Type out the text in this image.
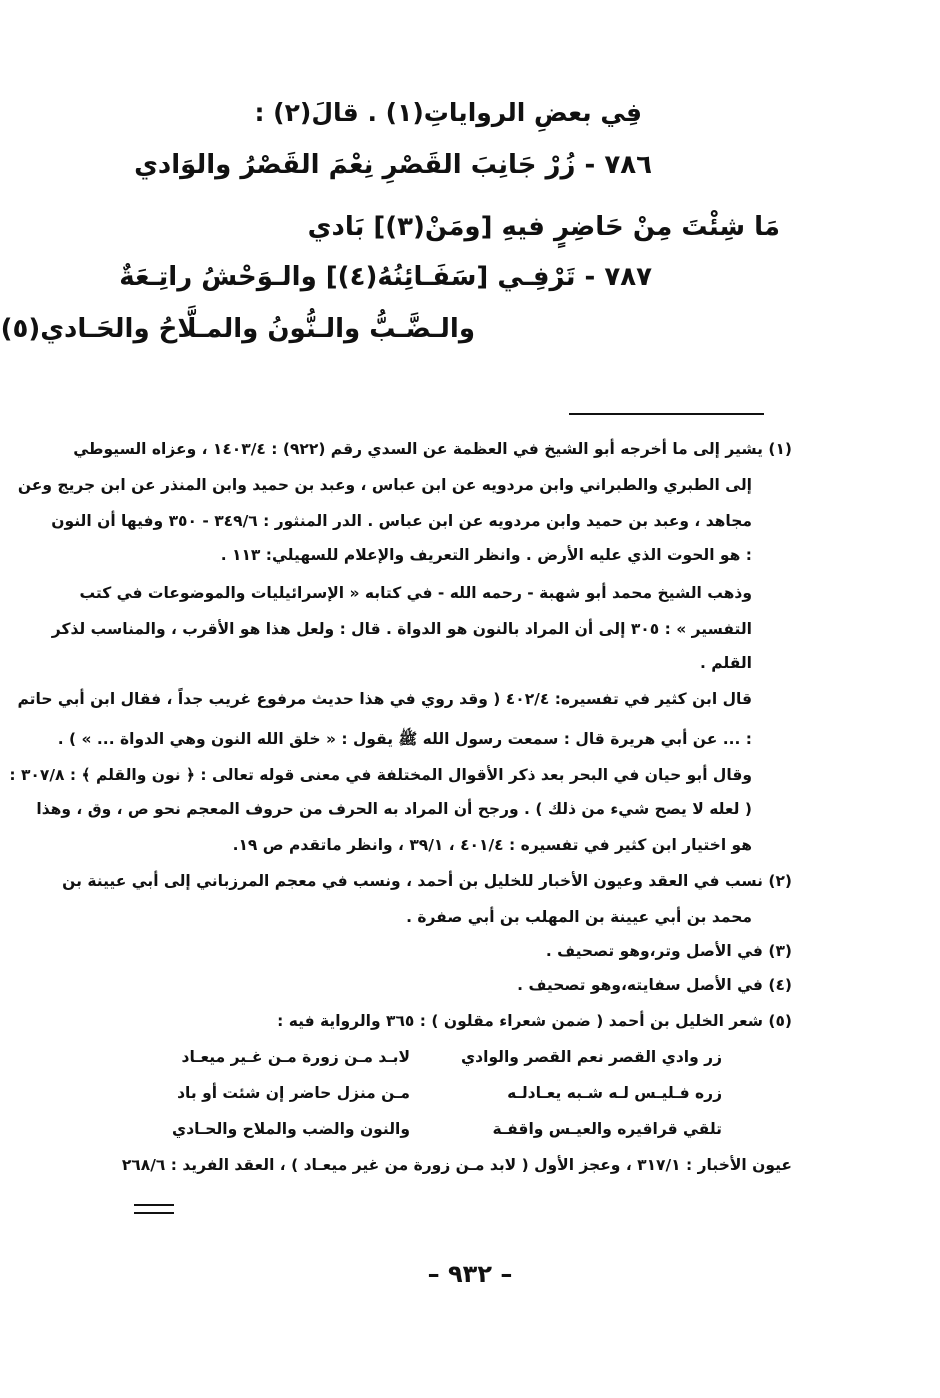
فِي بعضِ الرواياتِ(١) . قالَ(٢) :
٧٨٦ - زُرْ جَانِبَ القَصْرِ نِعْمَ القَصْرُ والوَادي
مَا شِئْتَ مِنْ حَاضِرٍ فيهِ [ومَنْ(٣)] بَادي
٧٨٧ - تَرْفِـي [سَفَـائِنُهُ(٤)] والـوَحْشُ راتِـعَةٌ
والـضَّـبُّ والـنُّونُ والمـلَّاحُ والحَـادي(٥)
(١) يشير إلى ما أخرجه أبو الشيخ في العظمة عن السدي رقم (٩٢٢) : ١٤٠٣/٤ ، وعزاه السيوطي
إلى الطبري والطبراني وابن مردويه عن ابن عباس ، وعبد بن حميد وابن المنذر عن ابن جريج وعن
مجاهد ، وعبد بن حميد وابن مردويه عن ابن عباس . الدر المنثور : ٣٤٩/٦ - ٣٥٠ وفيها أن النون
: هو الحوت الذي عليه الأرض . وانظر التعريف والإعلام للسهيلي: ١١٣ .
وذهب الشيخ محمد أبو شهبة - رحمه الله - في كتابه « الإسرائيليات والموضوعات في كتب
التفسير » : ٣٠٥ إلى أن المراد بالنون هو الدواة . قال : ولعل هذا هو الأقرب ، والمناسب لذكر
القلم .
قال ابن كثير في تفسيره: ٤٠٢/٤ ( وقد روي في هذا حديث مرفوع غريب جداً ، فقال ابن أبي حاتم
: ... عن أبي هريرة قال : سمعت رسول الله ﷺ يقول : « خلق الله النون وهي الدواة ... » ) .
وقال أبو حيان في البحر بعد ذكر الأقوال المختلفة في معنى قوله تعالى : ﴿ نون والقلم ﴾ : ٣٠٧/٨ :
( لعله لا يصح شيء من ذلك ) . ورجح أن المراد به الحرف من حروف المعجم نحو ص ، وق ، وهذا
هو اختيار ابن كثير في تفسيره : ٤٠١/٤ ، ٣٩/١ ، وانظر ماتقدم ص ١٩.
(٢) نسب في العقد وعيون الأخبار للخليل بن أحمد ، ونسب في معجم المرزباني إلى أبي عيينة بن
محمد بن أبي عيينة بن المهلب بن أبي صفرة .
(٣) في الأصل وتر،وهو تصحيف .
(٤) في الأصل سفايته،وهو تصحيف .
(٥) شعر الخليل بن أحمد ( ضمن شعراء مقلون ) : ٣٦٥ والرواية فيه :
زر وادي القصر نعم القصر والوادي
لابـد مـن زورة مـن غـير ميعـاد
زره فـليـس لـه شـبه يعـادلـه
مـن منزل حاضر إن شئت أو باد
تلقي قراقيره والعيـس واقفـة
والنون والضب والملاح والحـادي
عيون الأخبار : ٣١٧/١ ، وعجز الأول ( لابد مـن زورة من غير ميعـاد ) ، العقد الفريد : ٢٦٨/٦
– ٩٣٢ –
